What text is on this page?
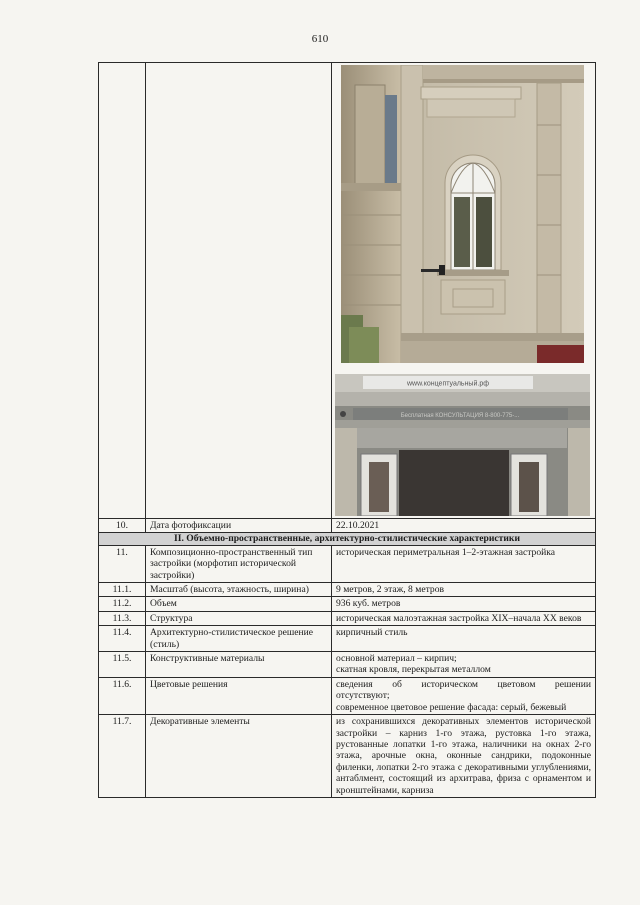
610

www.концептуальный.рф
Бесплатная КОНСУЛЬТАЦИЯ 8-800-775-...

10.	Дата фотофиксации	22.10.2021
II. Объемно-пространственные, архитектурно-стилистические характеристики		
11.	Композиционно-пространственный тип застройки (морфотип исторической застройки)	историческая периметральная 1–2-этажная застройка
11.1.	Масштаб (высота, этажность, ширина)	9 метров, 2 этаж, 8 метров
11.2.	Объем	936 куб. метров
11.3.	Структура	историческая малоэтажная застройка XIX–начала XX веков
11.4.	Архитектурно-стилистическое решение (стиль)	кирпичный стиль
11.5.	Конструктивные материалы	основной материал – кирпич;
скатная кровля, перекрытая металлом

11.6.	Цветовые решения	сведения об историческом цветовом решении отсутствуют;
современное цветовое решение фасада: серый, бежевый

11.7.	Декоративные элементы	из сохранившихся декоративных элементов исторической застройки – карниз 1-го этажа, рустовка 1-го этажа, рустованные лопатки 1-го этажа, наличники на окнах 2-го этажа, арочные окна, оконные сандрики, подоконные филенки, лопатки 2-го этажа с декоративными углублениями, антаблмент, состоящий из архитрава, фриза с орнаментом и кронштейнами, карниза
